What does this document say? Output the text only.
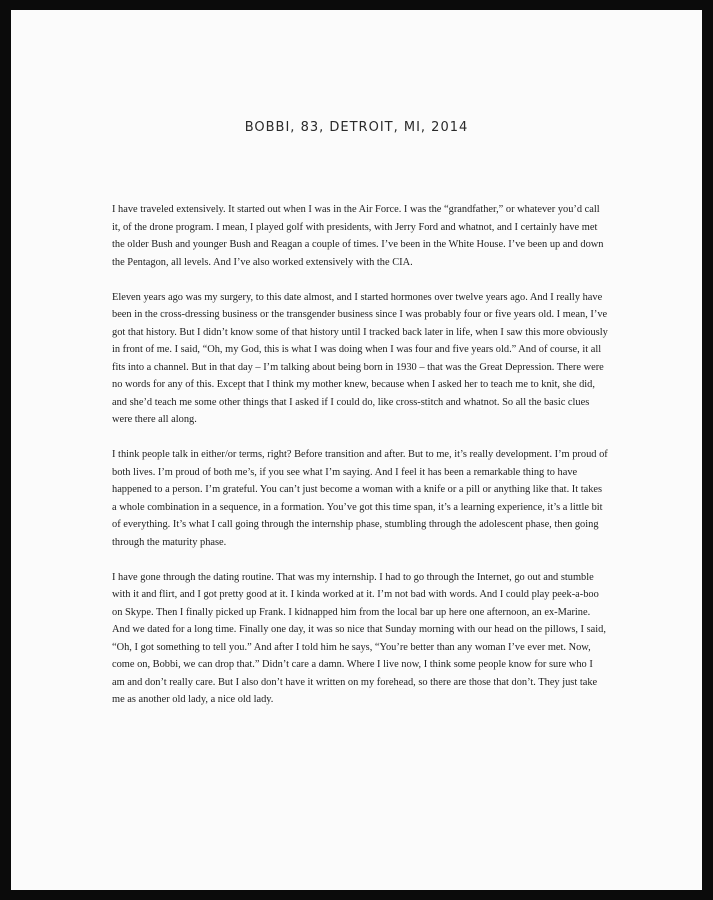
BOBBI, 83, DETROIT, MI, 2014

I have traveled extensively. It started out when I was in the Air Force. I was the “grandfather,” or whatever you’d call it, of the drone program. I mean, I played golf with presidents, with Jerry Ford and whatnot, and I certainly have met the older Bush and younger Bush and Reagan a couple of times. I’ve been in the White House. I’ve been up and down the Pentagon, all levels. And I’ve also worked extensively with the CIA.

Eleven years ago was my surgery, to this date almost, and I started hormones over twelve years ago. And I really have been in the cross-dressing business or the transgender business since I was probably four or five years old. I mean, I’ve got that history. But I didn’t know some of that history until I tracked back later in life, when I saw this more obviously in front of me. I said, “Oh, my God, this is what I was doing when I was four and five years old.” And of course, it all fits into a channel. But in that day – I’m talking about being born in 1930 – that was the Great Depression. There were no words for any of this. Except that I think my mother knew, because when I asked her to teach me to knit, she did, and she’d teach me some other things that I asked if I could do, like cross-stitch and whatnot. So all the basic clues were there all along.

I think people talk in either/or terms, right? Before transition and after. But to me, it’s really development. I’m proud of both lives. I’m proud of both me’s, if you see what I’m saying. And I feel it has been a remarkable thing to have happened to a person. I’m grateful. You can’t just become a woman with a knife or a pill or anything like that. It takes a whole combination in a sequence, in a formation. You’ve got this time span, it’s a learning experience, it’s a little bit of everything. It’s what I call going through the internship phase, stumbling through the adolescent phase, then going through the maturity phase.

I have gone through the dating routine. That was my internship. I had to go through the Internet, go out and stumble with it and flirt, and I got pretty good at it. I kinda worked at it. I’m not bad with words. And I could play peek-a-boo on Skype. Then I finally picked up Frank. I kidnapped him from the local bar up here one afternoon, an ex-Marine. And we dated for a long time. Finally one day, it was so nice that Sunday morning with our head on the pillows, I said, “Oh, I got something to tell you.” And after I told him he says, “You’re better than any woman I’ve ever met. Now, come on, Bobbi, we can drop that.” Didn’t care a damn. Where I live now, I think some people know for sure who I am and don’t really care. But I also don’t have it written on my forehead, so there are those that don’t. They just take me as another old lady, a nice old lady.
